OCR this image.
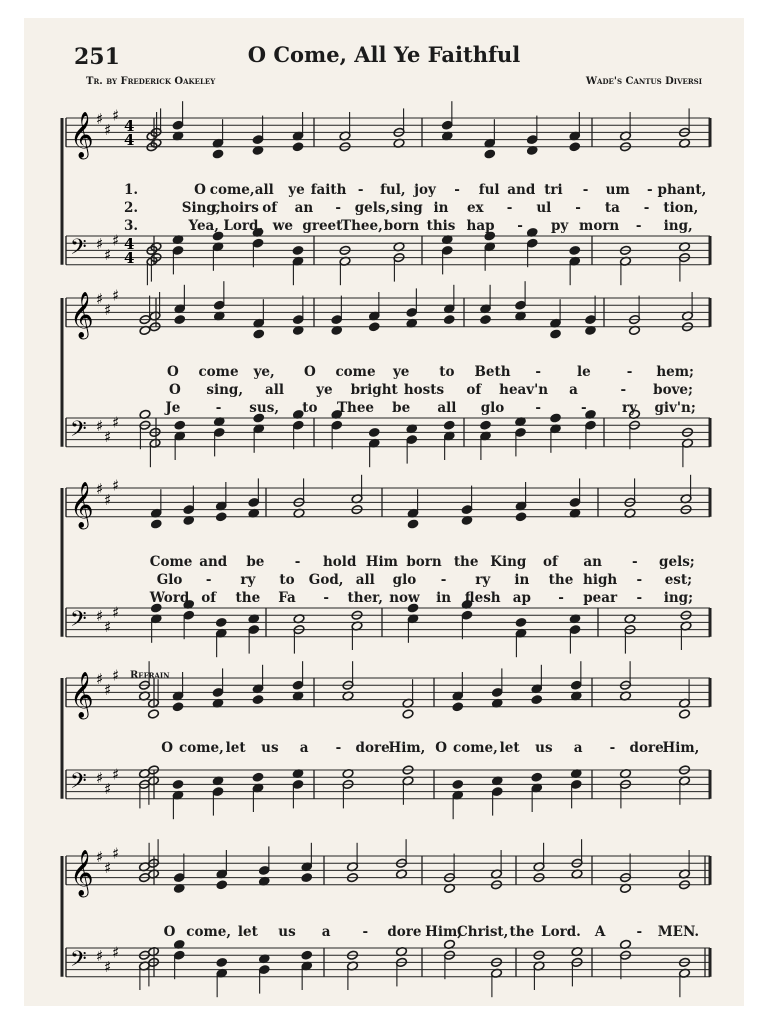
251	O Come, All Ye Faithful
Tr. by Frederick Oakeley	Wade's Cantus Diversi
𝄞 ♯
♯
♯
𝄢 ♯
♯
♯
4
4
4
4
𝄞 ♯
♯
♯
𝄢 ♯
♯
♯
𝄞 ♯
♯
♯
𝄢 ♯
♯
♯
𝄞 ♯
♯
♯
𝄢 ♯
♯
♯
𝄞 ♯
♯
♯
𝄢 ♯
♯
♯
Refrain
O come, all ye faith - ful, joy - ful and tri - um - phant,
Sing,
choirs of an - gels, sing in ex - ul - ta - tion,
Yea, Lord, we greet
Thee, born this hap - py morn - ing,
1.
2.
3.
O come ye, O come ye to Beth -	le	- hem;
O sing, all ye bright hosts of heav'n a	- bove;
Je	- sus, to Thee be all glo -	-	ry giv'n;
Come and be - hold Him born the King of an - gels;
Glo - ry to God, all glo - ry in the high - est;
Word of the Fa - ther, now in flesh ap - pear - ing;
O come, let us a - dore
Him, O come, let us a - dore
Him,
O come, let us a - dore Him,
Christ, the Lord. A - MEN.
